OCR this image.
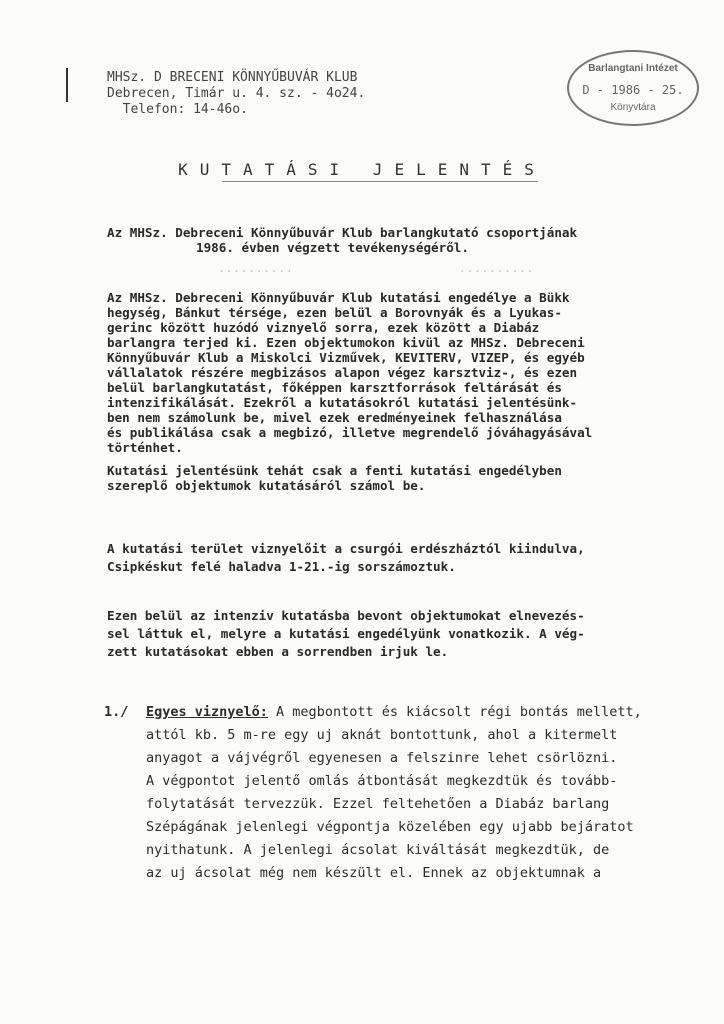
MHSz. D BRECENI KÖNNYŰBUVÁR KLUB
Debrecen, Timár u. 4. sz. - 4o24.
Telefon: 14-46o.
Barlangtani Intézet
D - 1986 - 25.
Könyvtára
KUTATÁSI JELENTÉS
..........                      ..........
Az MHSz. Debreceni Könnyűbuvár Klub barlangkutató csoportjának
1986. évben végzett tevékenységéről.
Az MHSz. Debreceni Könnyűbuvár Klub kutatási engedélye a Bükk
hegység, Bánkut térsége, ezen belül a Borovnyák és a Lyukas-
gerinc között huzódó viznyelő sorra, ezek között a Diabáz
barlangra terjed ki. Ezen objektumokon kivül az MHSz. Debreceni
Könnyűbuvár Klub a Miskolci Vizművek, KEVITERV, VIZEP, és egyéb
vállalatok részére megbizásos alapon végez karsztviz-, és ezen
belül barlangkutatást, főképpen karsztforrások feltárását és
intenzifikálását. Ezekről a kutatásokról kutatási jelentésünk-
ben nem számolunk be, mivel ezek eredményeinek felhasználása
és publikálása csak a megbizó, illetve megrendelő jóváhagyásával
történhet.
Kutatási jelentésünk tehát csak a fenti kutatási engedélyben
szereplő objektumok kutatásáról számol be.
A kutatási terület viznyelőit a csurgói erdészháztól kiindulva,
Csipkéskut felé haladva 1-21.-ig sorszámoztuk.
Ezen belül az intenziv kutatásba bevont objektumokat elnevezés-
sel láttuk el, melyre a kutatási engedélyünk vonatkozik. A vég-
zett kutatásokat ebben a sorrendben irjuk le.
1./ Egyes viznyelő: A megbontott és kiácsolt régi bontás mellett,
attól kb. 5 m-re egy uj aknát bontottunk, ahol a kitermelt
anyagot a vájvégről egyenesen a felszinre lehet csörlözni.
A végpontot jelentő omlás átbontását megkezdtük és tovább-
folytatását tervezzük. Ezzel feltehetően a Diabáz barlang
Szépágának jelenlegi végpontja közelében egy ujabb bejáratot
nyithatunk. A jelenlegi ácsolat kiváltását megkezdtük, de
az uj ácsolat még nem készült el. Ennek az objektumnak a
